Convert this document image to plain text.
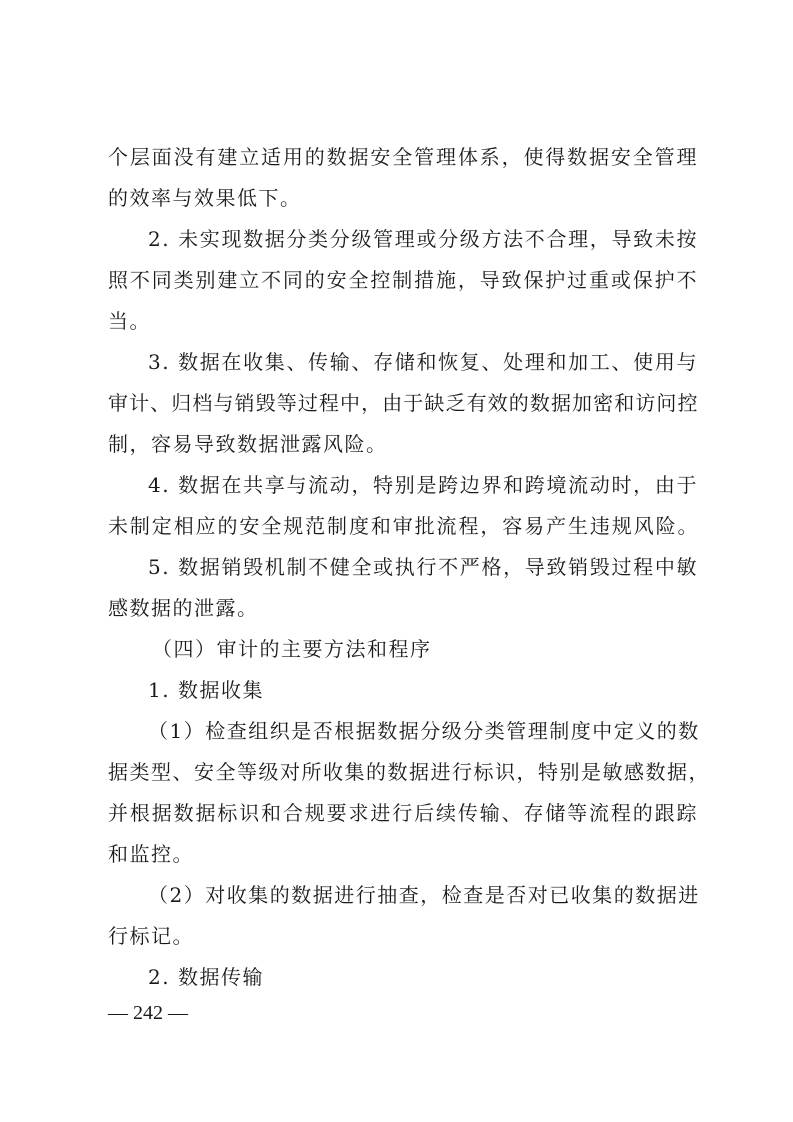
个层面没有建立适用的数据安全管理体系，使得数据安全管理
的效率与效果低下。
2. 未实现数据分类分级管理或分级方法不合理，导致未按
照不同类别建立不同的安全控制措施，导致保护过重或保护不
当。
3. 数据在收集、传输、存储和恢复、处理和加工、使用与
审计、归档与销毁等过程中，由于缺乏有效的数据加密和访问控
制，容易导致数据泄露风险。
4. 数据在共享与流动，特别是跨边界和跨境流动时，由于
未制定相应的安全规范制度和审批流程，容易产生违规风险。
5. 数据销毁机制不健全或执行不严格，导致销毁过程中敏
感数据的泄露。
（四）审计的主要方法和程序
1. 数据收集
（1）检查组织是否根据数据分级分类管理制度中定义的数
据类型、安全等级对所收集的数据进行标识，特别是敏感数据，
并根据数据标识和合规要求进行后续传输、存储等流程的跟踪
和监控。
（2）对收集的数据进行抽查，检查是否对已收集的数据进
行标记。
2. 数据传输
— 242 —
